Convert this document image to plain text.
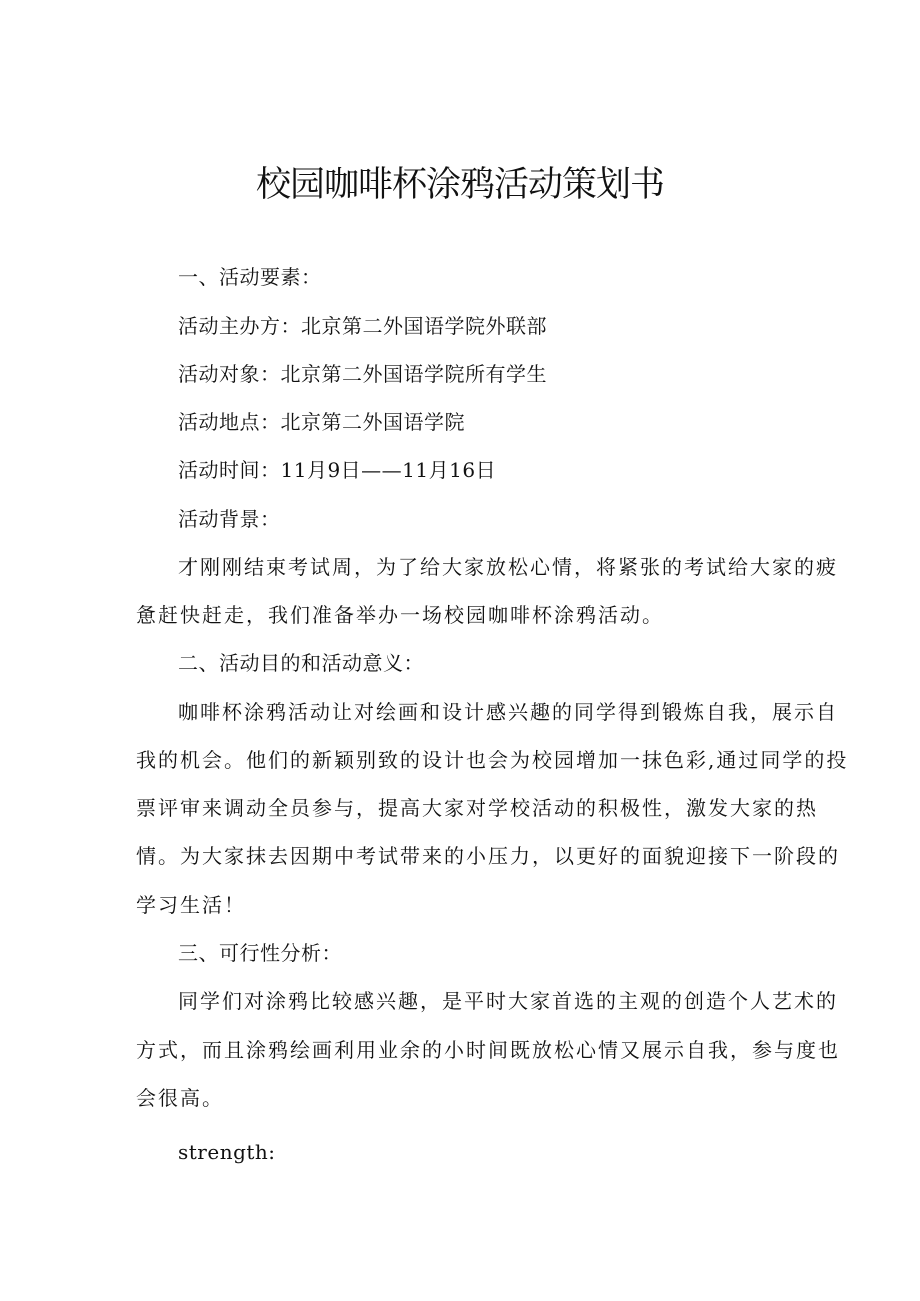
校园咖啡杯涂鸦活动策划书
一、活动要素：
活动主办方：北京第二外国语学院外联部
活动对象：北京第二外国语学院所有学生
活动地点：北京第二外国语学院
活动时间：11月9日——11月16日
活动背景：
才刚刚结束考试周，为了给大家放松心情，将紧张的考试给大家的疲
惫赶快赶走，我们准备举办一场校园咖啡杯涂鸦活动。
二、活动目的和活动意义：
咖啡杯涂鸦活动让对绘画和设计感兴趣的同学得到锻炼自我，展示自
我的机会。他们的新颖别致的设计也会为校园增加一抹色彩,通过同学的投
票评审来调动全员参与，提高大家对学校活动的积极性，激发大家的热
情。为大家抹去因期中考试带来的小压力，以更好的面貌迎接下一阶段的
学习生活！
三、可行性分析：
同学们对涂鸦比较感兴趣，是平时大家首选的主观的创造个人艺术的
方式，而且涂鸦绘画利用业余的小时间既放松心情又展示自我，参与度也
会很高。
strength:
